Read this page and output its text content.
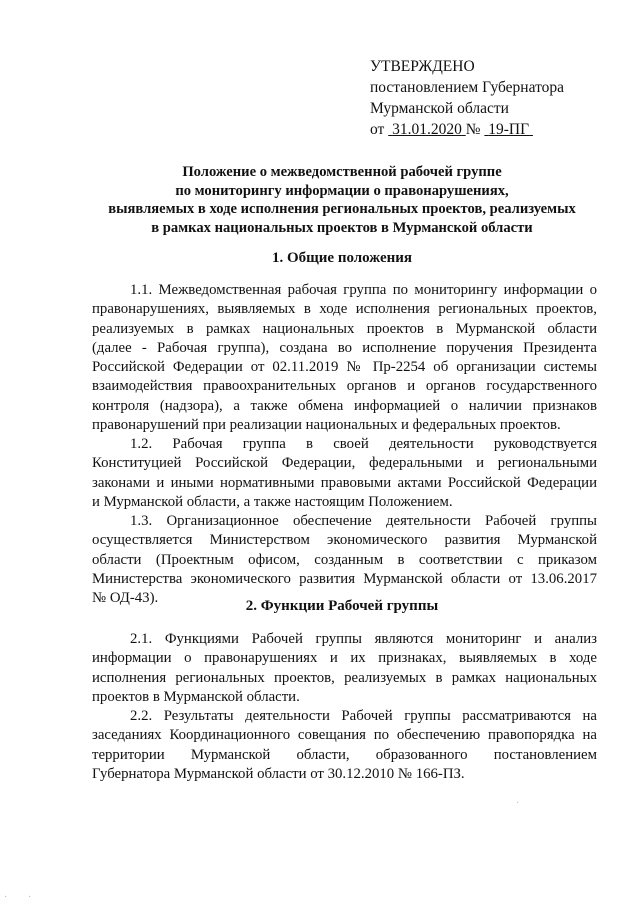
УТВЕРЖДЕНО
постановлением Губернатора
Мурманской области
от 31.01.2020 № 19-ПГ
Положение о межведомственной рабочей группе
по мониторингу информации о правонарушениях,
выявляемых в ходе исполнения региональных проектов, реализуемых
в рамках национальных проектов в Мурманской области
1. Общие положения
1.1. Межведомственная рабочая группа по мониторингу информации о
правонарушениях, выявляемых в ходе исполнения региональных проектов,
реализуемых в рамках национальных проектов в Мурманской области
(далее - Рабочая группа), создана во исполнение поручения Президента
Российской Федерации от 02.11.2019 № Пр-2254 об организации системы
взаимодействия правоохранительных органов и органов государственного
контроля (надзора), а также обмена информацией о наличии признаков
правонарушений при реализации национальных и федеральных проектов.
1.2. Рабочая группа в своей деятельности руководствуется
Конституцией Российской Федерации, федеральными и региональными
законами и иными нормативными правовыми актами Российской Федерации
и Мурманской области, а также настоящим Положением.
1.3. Организационное обеспечение деятельности Рабочей группы
осуществляется Министерством экономического развития Мурманской
области (Проектным офисом, созданным в соответствии с приказом
Министерства экономического развития Мурманской области от 13.06.2017
№ ОД-43).	2. Функции Рабочей группы
2.1. Функциями Рабочей группы являются мониторинг и анализ
информации о правонарушениях и их признаках, выявляемых в ходе
исполнения региональных проектов, реализуемых в рамках национальных
проектов в Мурманской области.
2.2. Результаты деятельности Рабочей группы рассматриваются на
заседаниях Координационного совещания по обеспечению правопорядка на
территории Мурманской области, образованного постановлением
Губернатора Мурманской области от 30.12.2010 № 166-ПЗ.
·
· ·
